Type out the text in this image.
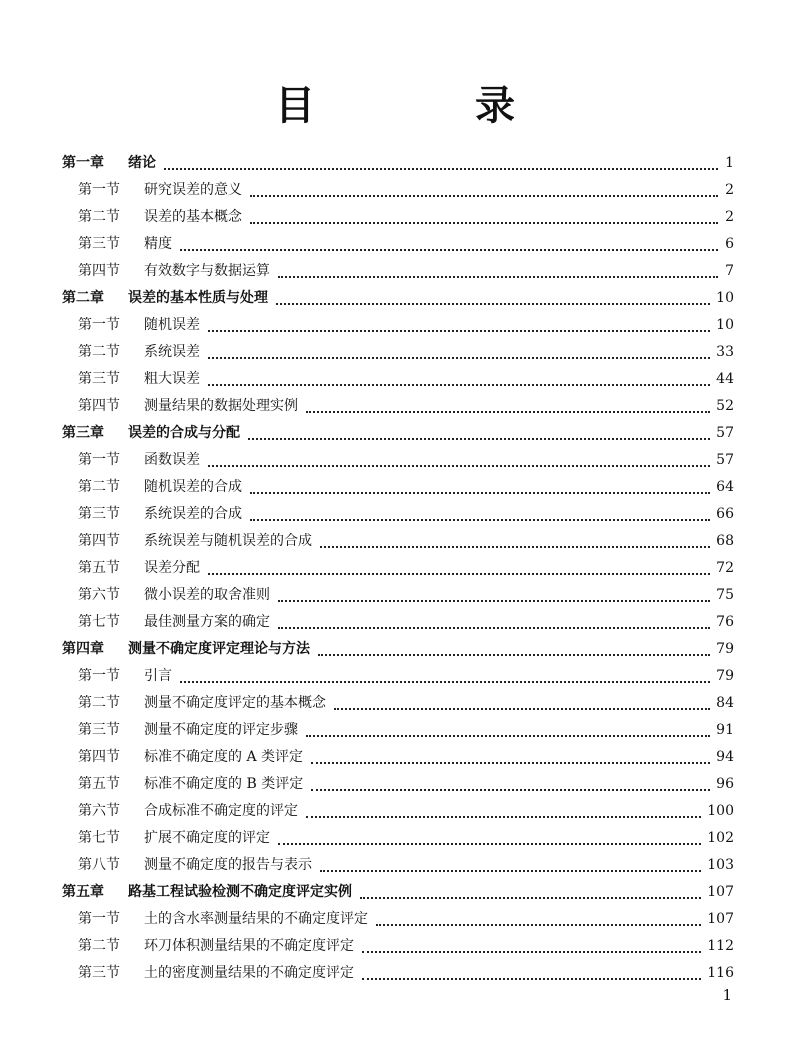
目　录
第一章	绪论	1
第一节	研究误差的意义	2
第二节	误差的基本概念	2
第三节	精度	6
第四节	有效数字与数据运算	7
第二章	误差的基本性质与处理	10
第一节	随机误差	10
第二节	系统误差	33
第三节	粗大误差	44
第四节	测量结果的数据处理实例	52
第三章	误差的合成与分配	57
第一节	函数误差	57
第二节	随机误差的合成	64
第三节	系统误差的合成	66
第四节	系统误差与随机误差的合成	68
第五节	误差分配	72
第六节	微小误差的取舍准则	75
第七节	最佳测量方案的确定	76
第四章	测量不确定度评定理论与方法	79
第一节	引言	79
第二节	测量不确定度评定的基本概念	84
第三节	测量不确定度的评定步骤	91
第四节	标准不确定度的 A 类评定	94
第五节	标准不确定度的 B 类评定	96
第六节	合成标准不确定度的评定	100
第七节	扩展不确定度的评定	102
第八节	测量不确定度的报告与表示	103
第五章	路基工程试验检测不确定度评定实例	107
第一节	土的含水率测量结果的不确定度评定	107
第二节	环刀体积测量结果的不确定度评定	112
第三节	土的密度测量结果的不确定度评定	116
1
